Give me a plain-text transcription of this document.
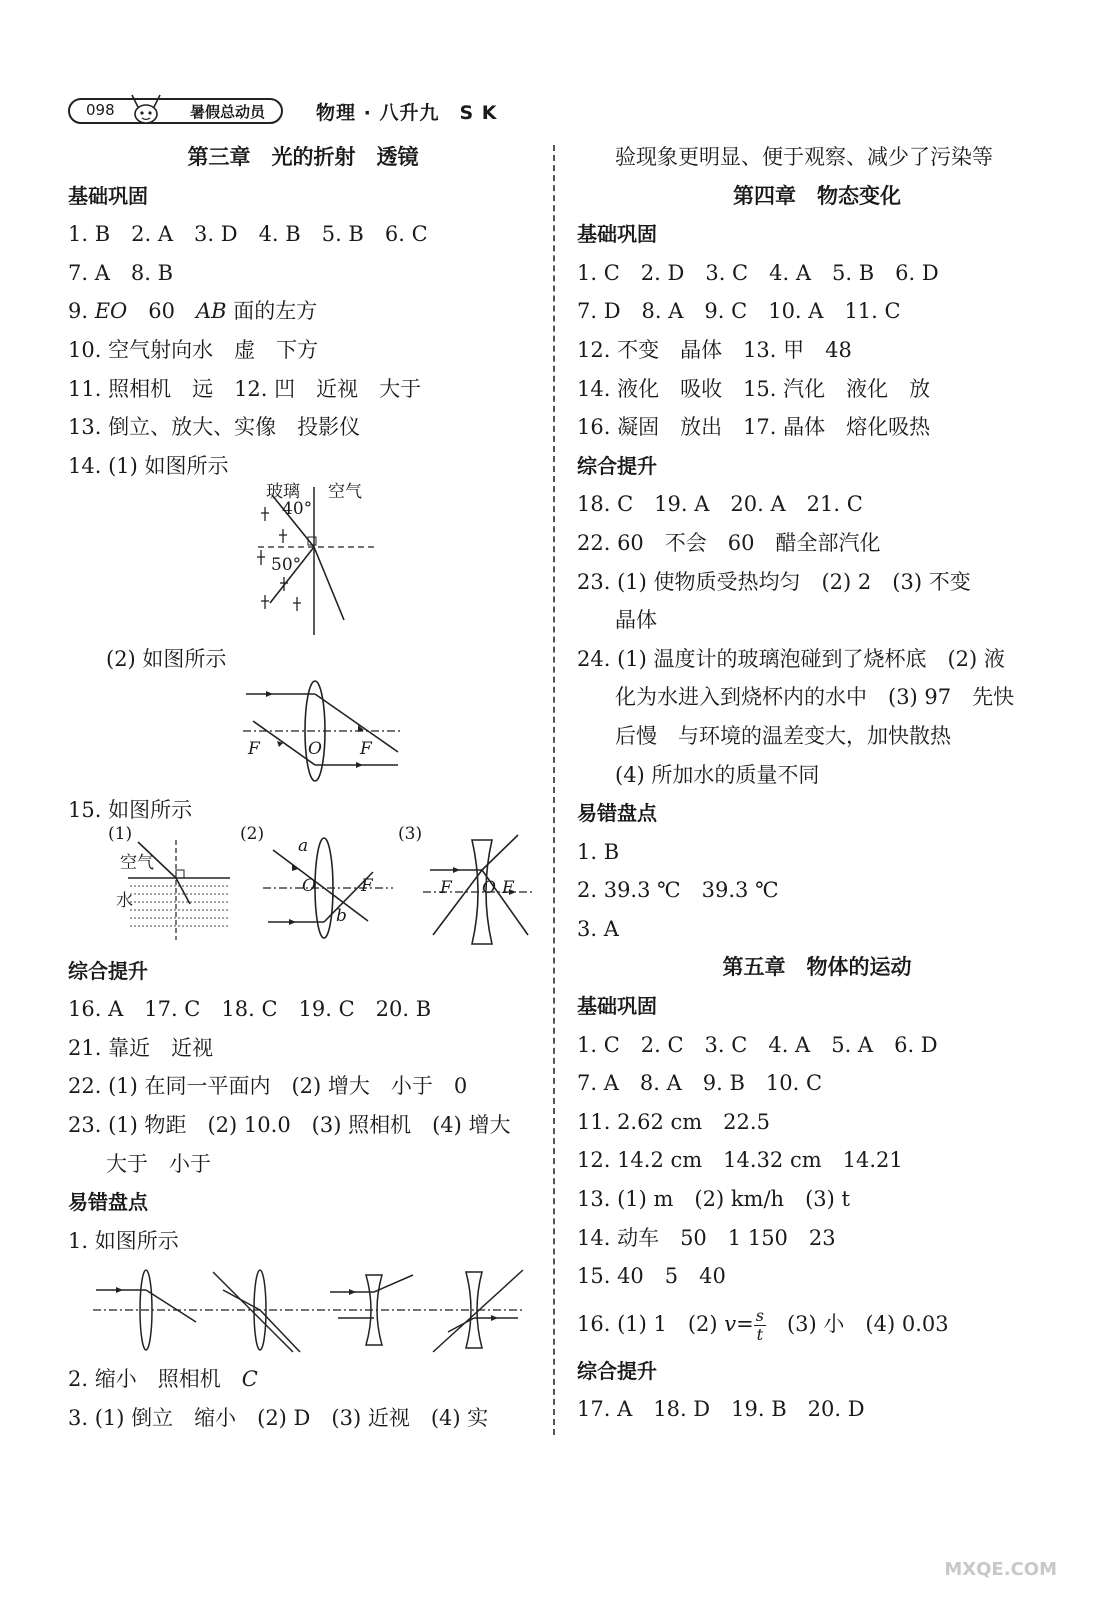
098	暑假总动员	物理 · 八升九　S K
第三章　光的折射　透镜
基础巩固
1. B　2. A　3. D　4. B　5. B　6. C
7. A　8. B
9. EO　60　AB 面的左方
10. 空气射向水　虚　下方
11. 照相机　远　12. 凹　近视　大于
13. 倒立、放大、实像　投影仪
14. (1) 如图所示
玻璃 空气
40°
50°
(2) 如图所示
F	O F
15. 如图所示
(1)
空气
水
(2)
a
O
b
F
(3)
F O F
综合提升
16. A　17. C　18. C　19. C　20. B
21. 靠近　近视
22. (1) 在同一平面内　(2) 增大　小于　0
23. (1) 物距　(2) 10.0　(3) 照相机　(4) 增大
大于　小于
易错盘点
1. 如图所示
2. 缩小　照相机　C
3. (1) 倒立　缩小　(2) D　(3) 近视　(4) 实
验现象更明显、便于观察、减少了污染等
第四章　物态变化
基础巩固
1. C　2. D　3. C　4. A　5. B　6. D
7. D　8. A　9. C　10. A　11. C
12. 不变　晶体　13. 甲　48
14. 液化　吸收　15. 汽化　液化　放
16. 凝固　放出　17. 晶体　熔化吸热
综合提升
18. C　19. A　20. A　21. C
22. 60　不会　60　醋全部汽化
23. (1) 使物质受热均匀　(2) 2　(3) 不变
晶体
24. (1) 温度计的玻璃泡碰到了烧杯底　(2) 液
化为水进入到烧杯内的水中　(3) 97　先快
后慢　与环境的温差变大，加快散热
(4) 所加水的质量不同
易错盘点
1. B
2. 39.3 ℃　39.3 ℃
3. A
第五章　物体的运动
基础巩固
1. C　2. C　3. C　4. A　5. A　6. D
7. A　8. A　9. B　10. C
11. 2.62 cm　22.5
12. 14.2 cm　14.32 cm　14.21
13. (1) m　(2) km/h　(3) t
14. 动车　50　1 150　23
15. 40　5　40
16. (1) 1　(2) $v= \frac{s}{t}$ 　(3) 小　(4) 0.03
综合提升
17. A　18. D　19. B　20. D
MXQE.COM
